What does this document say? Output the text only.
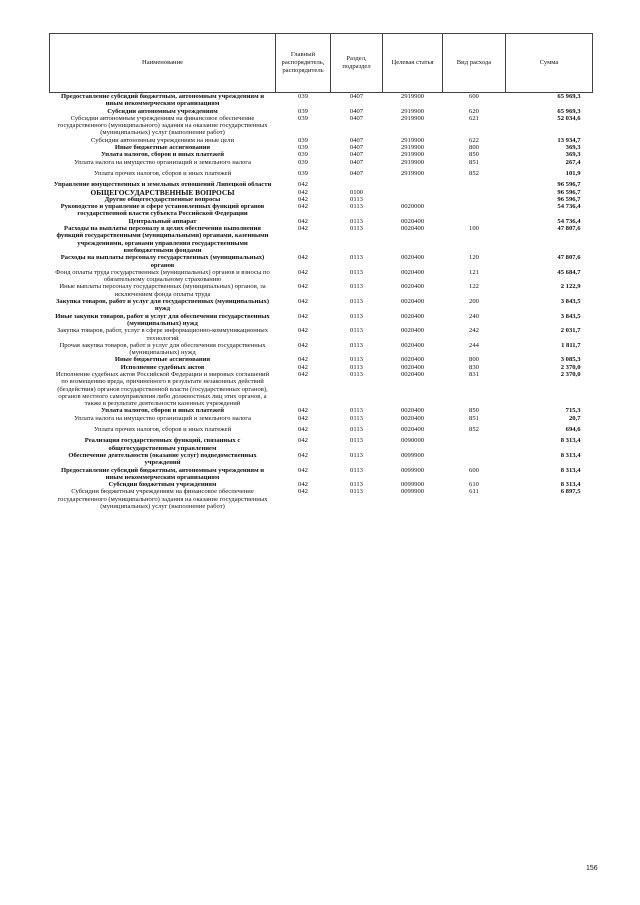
Наименование	Главный распорядитель, распорядитель	Раздел, подраздел	Целевая статья	Вид расхода	Сумма
Предоставление субсидий бюджетным, автономным учреждениям и иным некоммерческим организациям	039	0407	2919900	600	65 969,3
Субсидии автономным учреждениям	039	0407	2919900	620	65 969,3
Субсидии автономным учреждениям на финансовое обеспечение государственного (муниципального) задания на оказание государственных (муниципальных) услуг (выполнение работ)	039	0407	2919900	621	52 034,6
Субсидии автономным учреждениям на иные цели	039	0407	2919900	622	13 934,7
Иные бюджетные ассигнования	039	0407	2919900	800	369,3
Уплата налогов, сборов и иных платежей	039	0407	2919900	850	369,3
Уплата налога на имущество организаций и земельного налога	039	0407	2919900	851	267,4
Уплата прочих налогов, сборов и иных платежей	039	0407	2919900	852	101,9
Управление имущественных и земельных отношений Липецкой области	042				96 596,7
ОБЩЕГОСУДАРСТВЕННЫЕ ВОПРОСЫ	042	0100			96 596,7
Другие общегосударственные вопросы	042	0113			96 596,7
Руководство и управление в сфере установленных функций органов государственной власти субъекта Российской Федерации	042	0113	0020000		54 736,4
Центральный аппарат	042	0113	0020400		54 736,4
Расходы на выплаты персоналу в целях обеспечения выполнения функций государственными (муниципальными) органами, казенными учреждениями, органами управления государственными внебюджетными фондами	042	0113	0020400	100	47 807,6
Расходы на выплаты персоналу государственных (муниципальных) органов	042	0113	0020400	120	47 807,6
Фонд оплаты труда государственных (муниципальных) органов и взносы по обязательному социальному страхованию	042	0113	0020400	121	45 684,7
Иные выплаты персоналу государственных (муниципальных) органов, за исключением фонда оплаты труда	042	0113	0020400	122	2 122,9
Закупка товаров, работ и услуг для государственных (муниципальных) нужд	042	0113	0020400	200	3 843,5
Иные закупки товаров, работ и услуг для обеспечения государственных (муниципальных) нужд	042	0113	0020400	240	3 843,5
Закупка товаров, работ, услуг в сфере информационно-коммуникационных технологий	042	0113	0020400	242	2 031,7
Прочая закупка товаров, работ и услуг для обеспечения государственных (муниципальных) нужд	042	0113	0020400	244	1 811,7
Иные бюджетные ассигнования	042	0113	0020400	800	3 085,3
Исполнение судебных актов	042	0113	0020400	830	2 370,0
Исполнение судебных актов Российской Федерации и мировых соглашений по возмещению вреда, причиненного в результате незаконных действий (бездействия) органов государственной власти (государственных органов), органов местного самоуправления либо должностных лиц этих органов, а также в результате деятельности казенных учреждений	042	0113	0020400	831	2 370,0
Уплата налогов, сборов и иных платежей	042	0113	0020400	850	715,3
Уплата налога на имущество организаций и земельного налога	042	0113	0020400	851	20,7
Уплата прочих налогов, сборов и иных платежей	042	0113	0020400	852	694,6
Реализация государственных функций, связанных с общегосударственным управлением	042	0113	0090000		8 313,4
Обеспечение деятельности (оказание услуг) подведомственных учреждений	042	0113	0099900		8 313,4
Предоставление субсидий бюджетным, автономным учреждениям и иным некоммерческим организациям	042	0113	0099900	600	8 313,4
Субсидии бюджетным учреждениям	042	0113	0099900	610	8 313,4
Субсидии бюджетным учреждениям на финансовое обеспечение государственного (муниципального) задания на оказание государственных (муниципальных) услуг (выполнение работ)	042	0113	0099900	611	6 897,5
156
